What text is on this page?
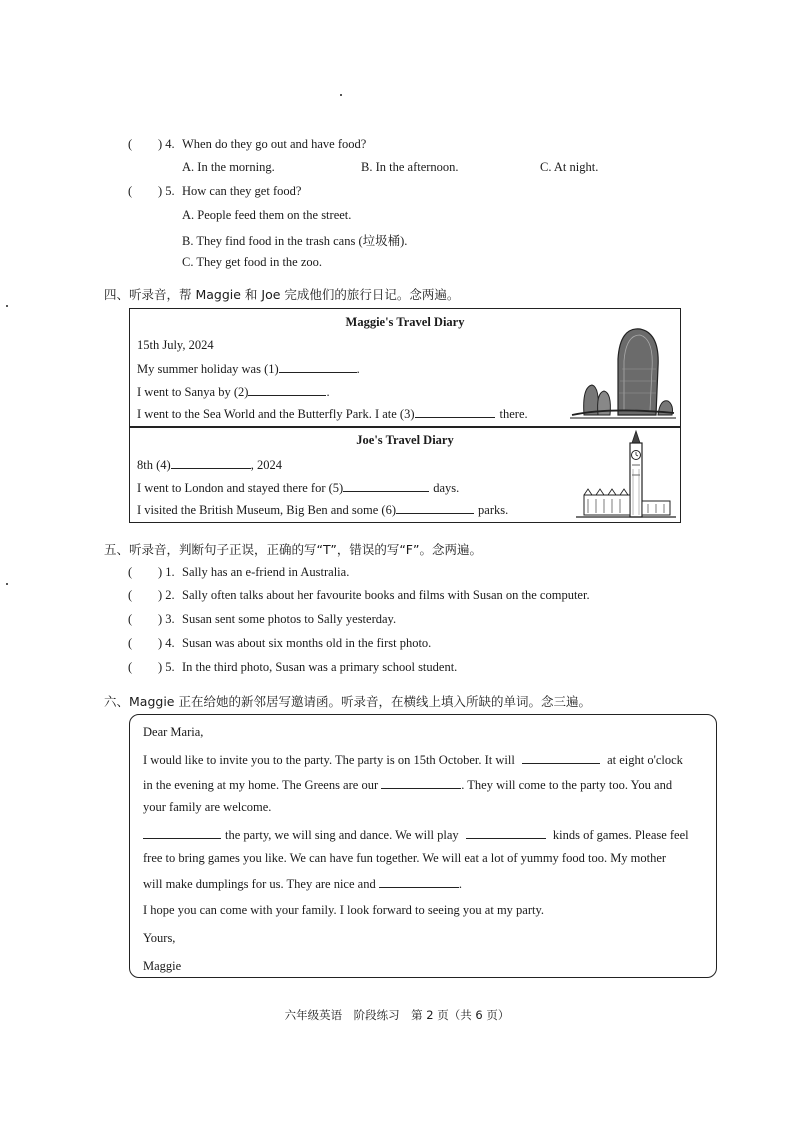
( ) 4. When do they go out and have food?
A. In the morning.	B. In the afternoon.	C. At night.
( ) 5. How can they get food?
A. People feed them on the street.
B. They find food in the trash cans (垃圾桶).
C. They get food in the zoo.
四、听录音，帮 Maggie 和 Joe 完成他们的旅行日记。念两遍。
Maggie's Travel Diary
15th July, 2024
My summer holiday was (1)	.
I went to Sanya by (2)	.
I went to the Sea World and the Butterfly Park. I ate (3)	there.
Joe's Travel Diary
8th (4)	, 2024
I went to London and stayed there for (5)	days.
I visited the British Museum, Big Ben and some (6)	parks.
五、听录音，判断句子正误，正确的写“T”，错误的写“F”。念两遍。
( ) 1. Sally has an e-friend in Australia.
( ) 2. Sally often talks about her favourite books and films with Susan on the computer.
( ) 3. Susan sent some photos to Sally yesterday.
( ) 4. Susan was about six months old in the first photo.
( ) 5. In the third photo, Susan was a primary school student.
六、Maggie 正在给她的新邻居写邀请函。听录音，在横线上填入所缺的单词。念三遍。
Dear Maria,
I would like to invite you to the party. The party is on 15th October. It will	at eight o'clock
in the evening at my home. The Greens are our	. They will come to the party too. You and
your family are welcome.
the party, we will sing and dance. We will play	kinds of games. Please feel
free to bring games you like. We can have fun together. We will eat a lot of yummy food too. My mother
will make dumplings for us. They are nice and	.
I hope you can come with your family. I look forward to seeing you at my party.
Yours,
Maggie
六年级英语　阶段练习　第 2 页（共 6 页）
